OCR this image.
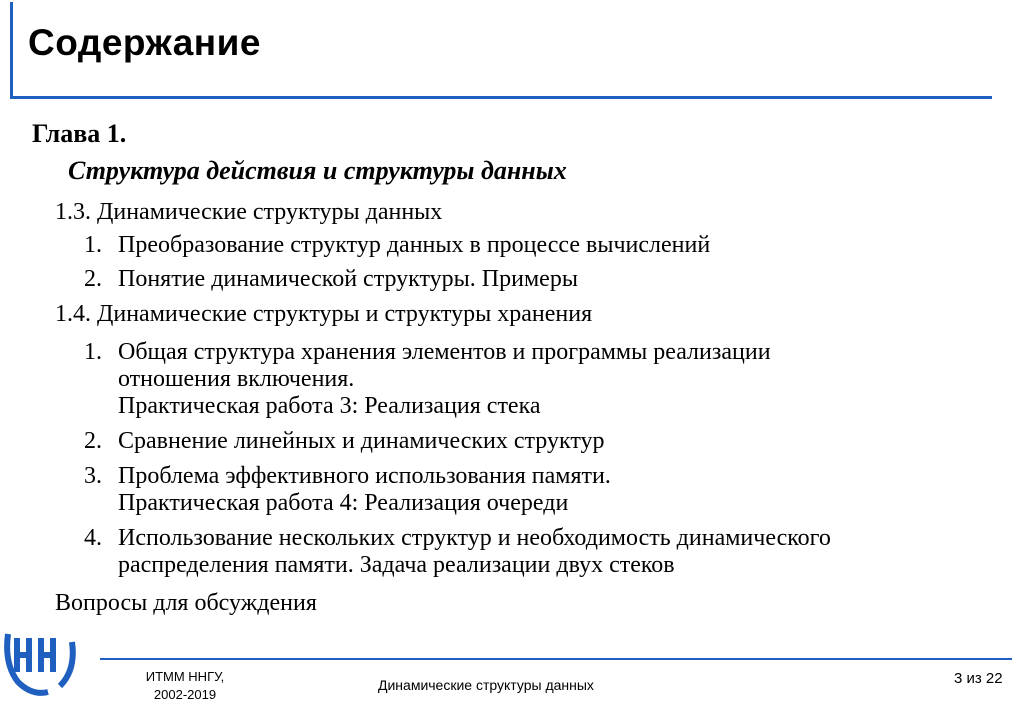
Содержание
Глава 1.
Структура действия и структуры данных
1.3. Динамические структуры данных
1. Преобразование структур данных в процессе вычислений
2. Понятие динамической структуры. Примеры
1.4. Динамические структуры и структуры хранения
1. Общая структура хранения элементов и программы реализации
отношения включения.
Практическая работа 3: Реализация стека
2. Сравнение линейных и динамических структур
3. Проблема эффективного использования памяти.
Практическая работа 4: Реализация очереди
4. Использование нескольких структур и необходимость динамического
распределения памяти. Задача реализации двух стеков
Вопросы для обсуждения
ИТММ ННГУ,
2002-2019
Динамические структуры данных	3 из 22
